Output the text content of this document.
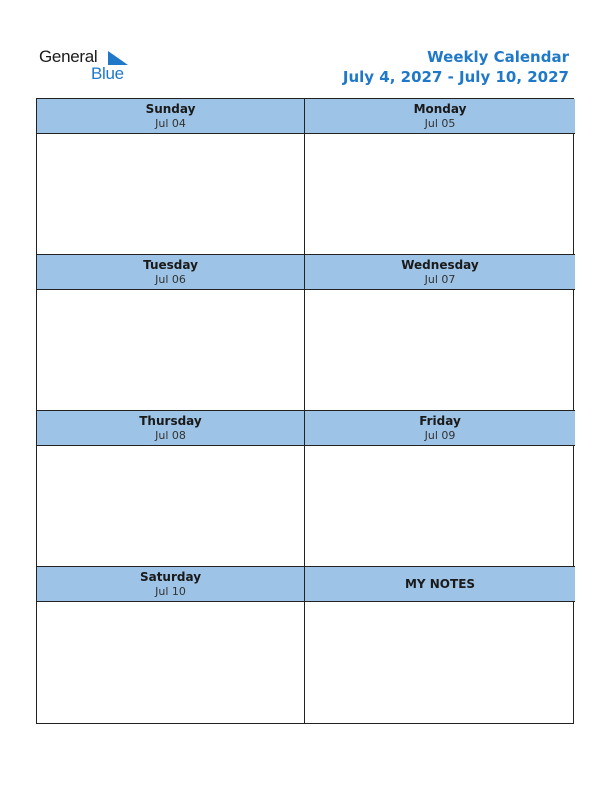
General
Blue
Weekly Calendar
July 4, 2027 - July 10, 2027
Sunday
Jul 04
Monday
Jul 05
Tuesday
Jul 06
Wednesday
Jul 07
Thursday
Jul 08
Friday
Jul 09
Saturday
Jul 10
MY NOTES
